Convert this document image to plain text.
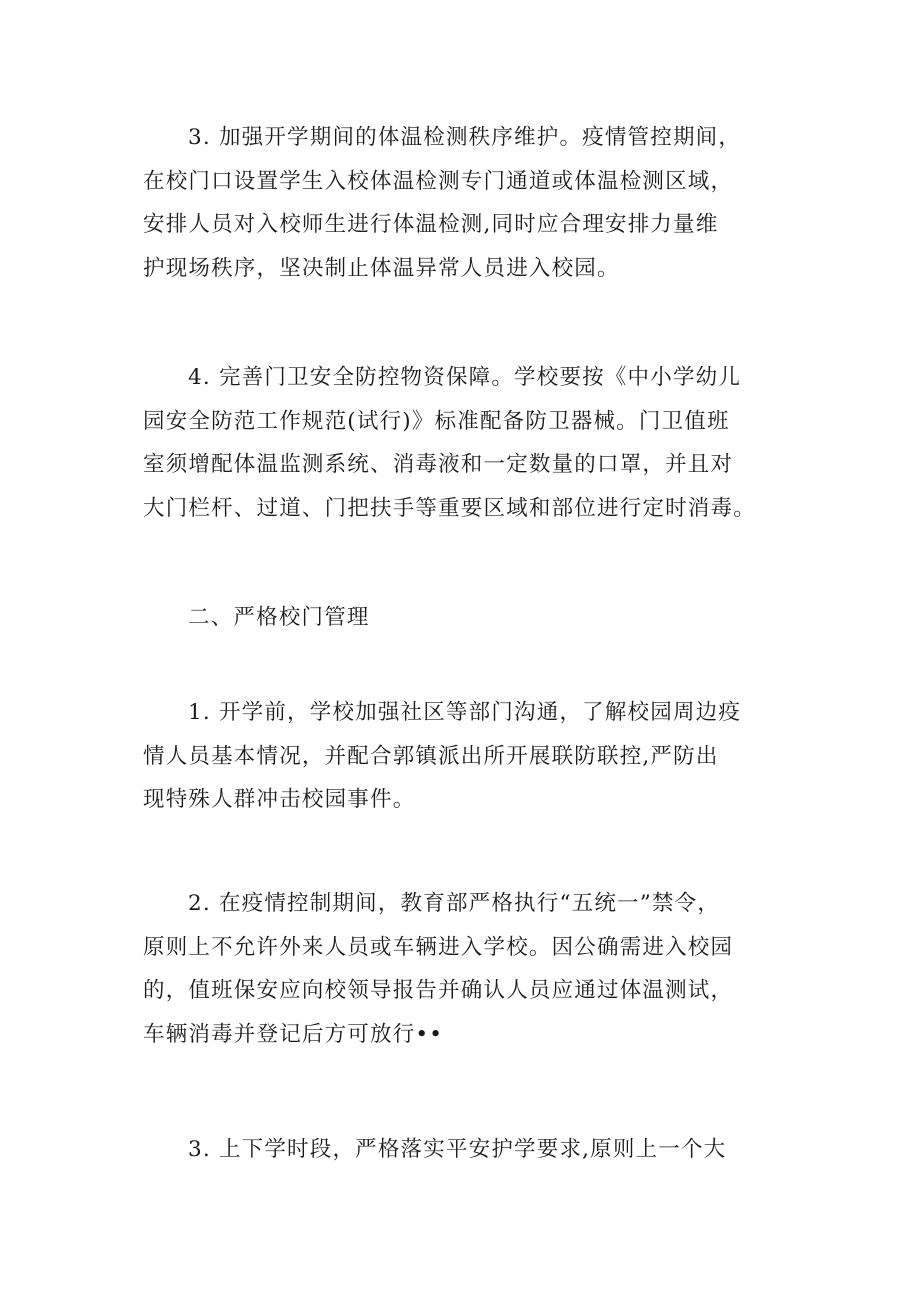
3. 加强开学期间的体温检测秩序维护。疫情管控期间，
在校门口设置学生入校体温检测专门通道或体温检测区域，
安排人员对入校师生进行体温检测,同时应合理安排力量维
护现场秩序，坚决制止体温异常人员进入校园。

4. 完善门卫安全防控物资保障。学校要按《中小学幼儿
园安全防范工作规范(试行)》标准配备防卫器械。门卫值班
室须增配体温监测系统、消毒液和一定数量的口罩，并且对
大门栏杆、过道、门把扶手等重要区域和部位进行定时消毒。

二、严格校门管理

1. 开学前，学校加强社区等部门沟通，了解校园周边疫
情人员基本情况，并配合郭镇派出所开展联防联控,严防出
现特殊人群冲击校园事件。

2. 在疫情控制期间，教育部严格执行“五统一”禁令，
原则上不允许外来人员或车辆进入学校。因公确需进入校园
的，值班保安应向校领导报告并确认人员应通过体温测试，
车辆消毒并登记后方可放行••

3. 上下学时段，严格落实平安护学要求,原则上一个大
